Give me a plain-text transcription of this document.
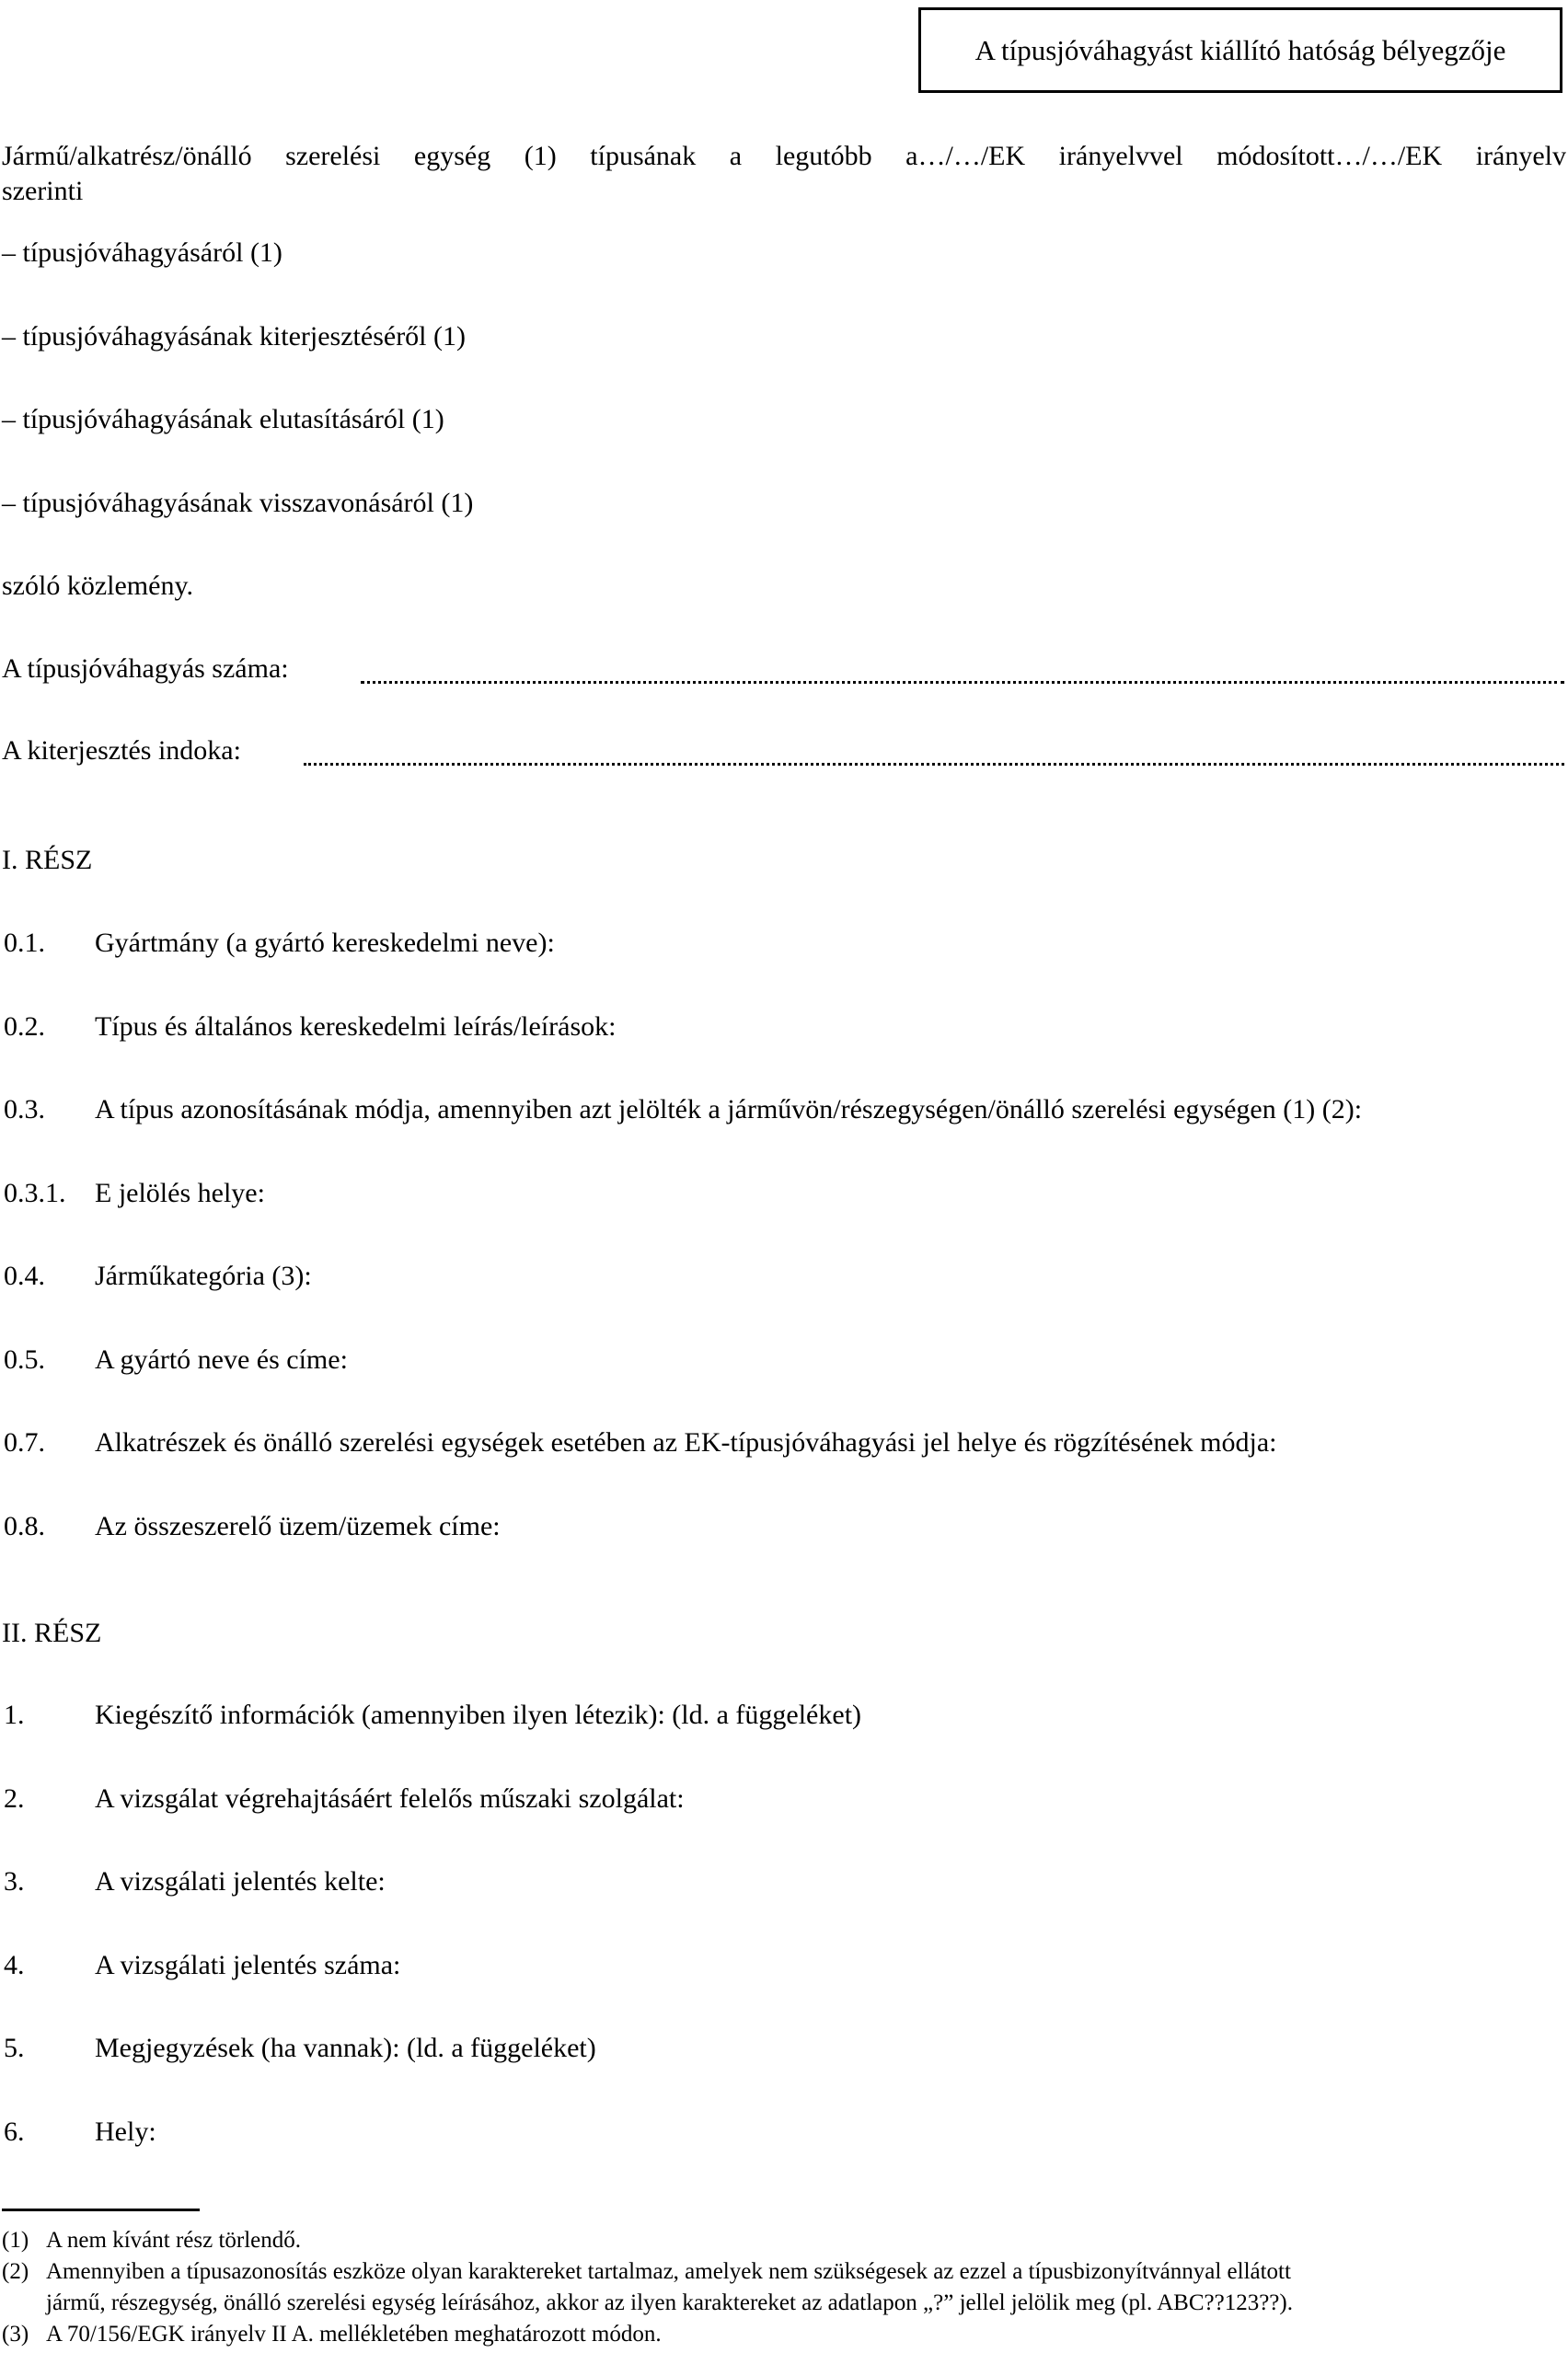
A típusjóváhagyást kiállító hatóság bélyegzője
Jármű/alkatrész/önálló szerelési egység (1) típusának a legutóbb a…/…/EK irányelvvel módosított…/…/EK irányelv
szerinti
– típusjóváhagyásáról (1)
– típusjóváhagyásának kiterjesztéséről (1)
– típusjóváhagyásának elutasításáról (1)
– típusjóváhagyásának visszavonásáról (1)
szóló közlemény.
A típusjóváhagyás száma:
A kiterjesztés indoka:
I. RÉSZ
0.1. Gyártmány (a gyártó kereskedelmi neve):
0.2. Típus és általános kereskedelmi leírás/leírások:
0.3. A típus azonosításának módja, amennyiben azt jelölték a járművön/részegységen/önálló szerelési egységen (1) (2):
0.3.1. E jelölés helye:
0.4. Járműkategória (3):
0.5. A gyártó neve és címe:
0.7. Alkatrészek és önálló szerelési egységek esetében az EK-típusjóváhagyási jel helye és rögzítésének módja:
0.8. Az összeszerelő üzem/üzemek címe:
II. RÉSZ
1.	Kiegészítő információk (amennyiben ilyen létezik): (ld. a függeléket)
2.	A vizsgálat végrehajtásáért felelős műszaki szolgálat:
3.	A vizsgálati jelentés kelte:
4.	A vizsgálati jelentés száma:
5.	Megjegyzések (ha vannak): (ld. a függeléket)
6.	Hely:
(1) A nem kívánt rész törlendő.
(2) Amennyiben a típusazonosítás eszköze olyan karaktereket tartalmaz, amelyek nem szükségesek az ezzel a típusbizonyítvánnyal ellátott
jármű, részegység, önálló szerelési egység leírásához, akkor az ilyen karaktereket az adatlapon „?” jellel jelölik meg (pl. ABC??123??).
(3) A 70/156/EGK irányelv II A. mellékletében meghatározott módon.
